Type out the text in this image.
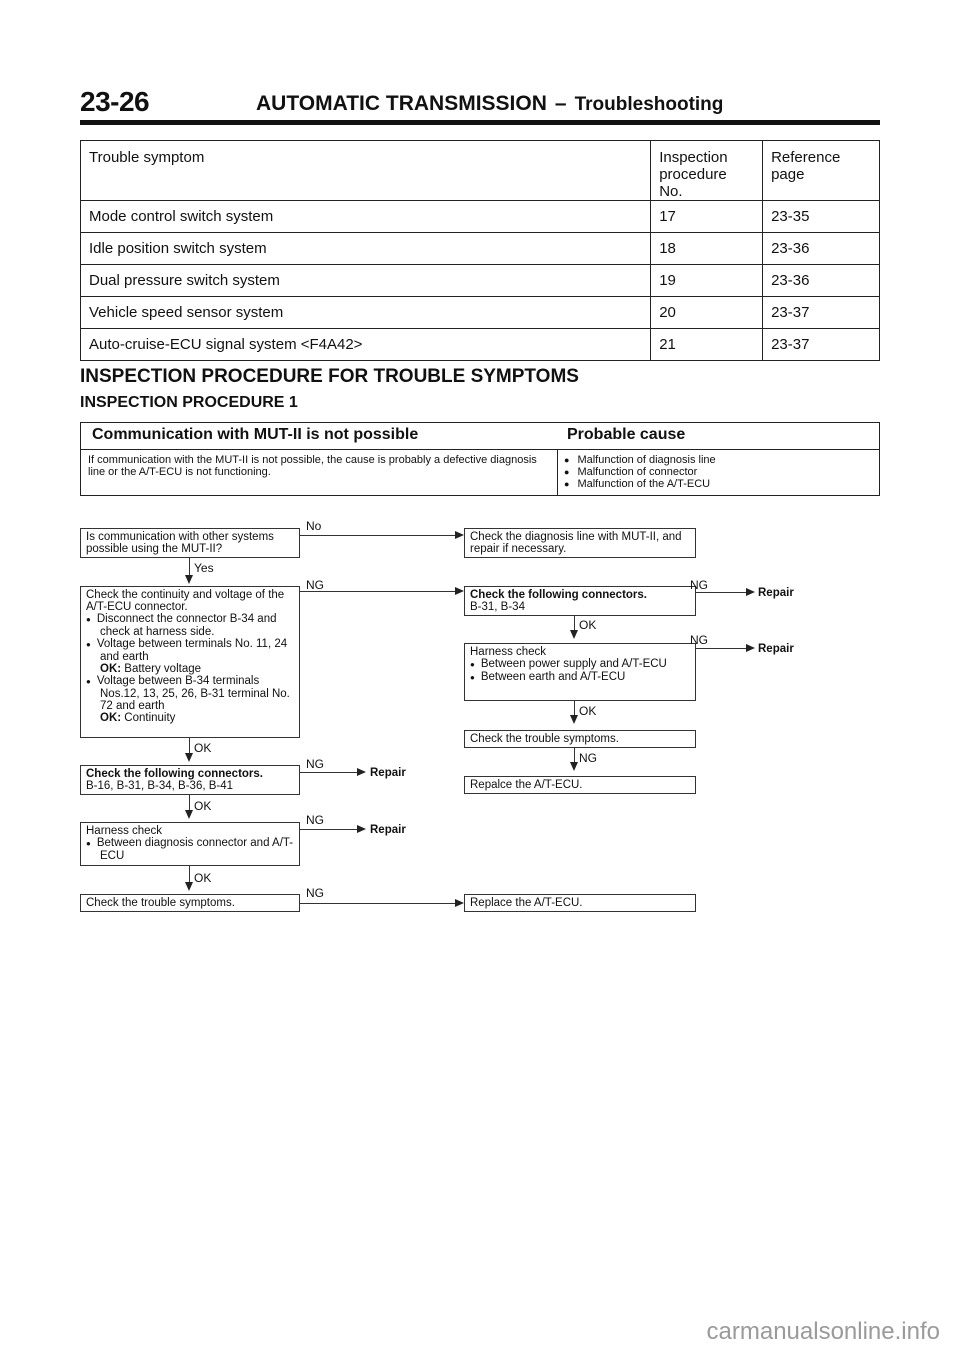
23-26	AUTOMATIC TRANSMISSION – Troubleshooting
Trouble symptom	Inspection procedure No.	Reference page
Mode control switch system	17	23-35
Idle position switch system	18	23-36
Dual pressure switch system	19	23-36
Vehicle speed sensor system	20	23-37
Auto-cruise-ECU signal system <F4A42>	21	23-37
INSPECTION PROCEDURE FOR TROUBLE SYMPTOMS
INSPECTION PROCEDURE 1
Communication with MUT-II is not possible	Probable cause
If communication with the MUT-II is not possible, the cause is probably a defective diagnosis line or the A/T-ECU is not functioning.
● Malfunction of diagnosis line
● Malfunction of connector
● Malfunction of the A/T-ECU
Is communication with other systems possible using the MUT-II?
No
Check the diagnosis line with MUT-II, and repair if necessary.
Yes
Check the continuity and voltage of the A/T-ECU connector.
● Disconnect the connector B-34 and check at harness side.
● Voltage between terminals No. 11, 24 and earth
OK: Battery voltage
● Voltage between B-34 terminals Nos.12, 13, 25, 26, B-31 terminal No. 72 and earth
OK: Continuity
NG
Check the following connectors.
B-31, B-34
NG
Repair
OK
Harness check
● Between power supply and A/T-ECU
● Between earth and A/T-ECU
NG
Repair
OK
Check the trouble symptoms.
NG
Repalce the A/T-ECU.
OK
Check the following connectors.
B-16, B-31, B-34, B-36, B-41
NG
Repair
OK
Harness check
● Between diagnosis connector and A/T-ECU
NG
Repair
OK
Check the trouble symptoms.
NG
Replace the A/T-ECU.
carmanualsonline.info
